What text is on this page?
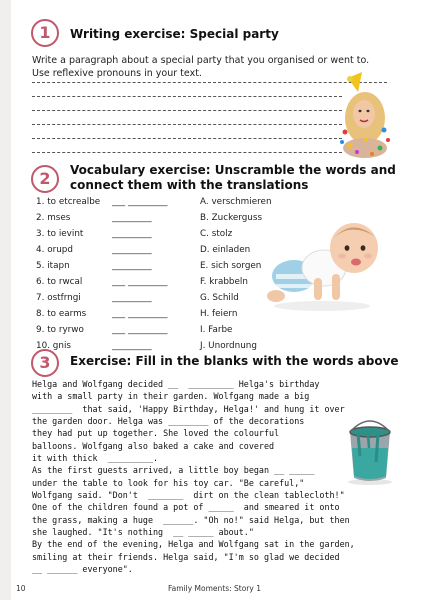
1	Writing exercise: Special party
Write a paragraph about a special party that you organised or went to.
Use reflexive pronouns in your text.
2	Vocabulary exercise: Unscramble the words and
connect them with the translations
1. to etcrealbe ___ _________
2. mses	_________
3. to ievint	_________
4. orupd	_________
5. itapn	_________
6. to rwcal	___ _________
7. ostfrngi	_________
8. to earms	___ _________
9. to ryrwo	___ _________
10. gnis	_________
A. verschmieren
B. Zuckerguss
C. stolz
D. einladen
E. sich sorgen
F. krabbeln
G. Schild
H. feiern
I. Farbe
J. Unordnung
3	Exercise: Fill in the blanks with the words above
Helga and Wolfgang decided __  _________ Helga's birthday
with a small party in their garden. Wolfgang made a big
________  that said, 'Happy Birthday, Helga!' and hung it over
the garden door. Helga was ________ of the decorations
they had put up together. She loved the colourful
balloons. Wolfgang also baked a cake and covered
it with thick  _________.
As the first guests arrived, a little boy began __ _____
under the table to look for his toy car. "Be careful,"
Wolfgang said. "Don't  _______  dirt on the clean tablecloth!"
One of the children found a pot of _____  and smeared it onto
the grass, making a huge  ______. "Oh no!" said Helga, but then
she laughed. "It's nothing  __ _____ about."
By the end of the evening, Helga and Wolfgang sat in the garden,
smiling at their friends. Helga said, "I'm so glad we decided
__ ______ everyone".
10	Family Moments: Story 1
